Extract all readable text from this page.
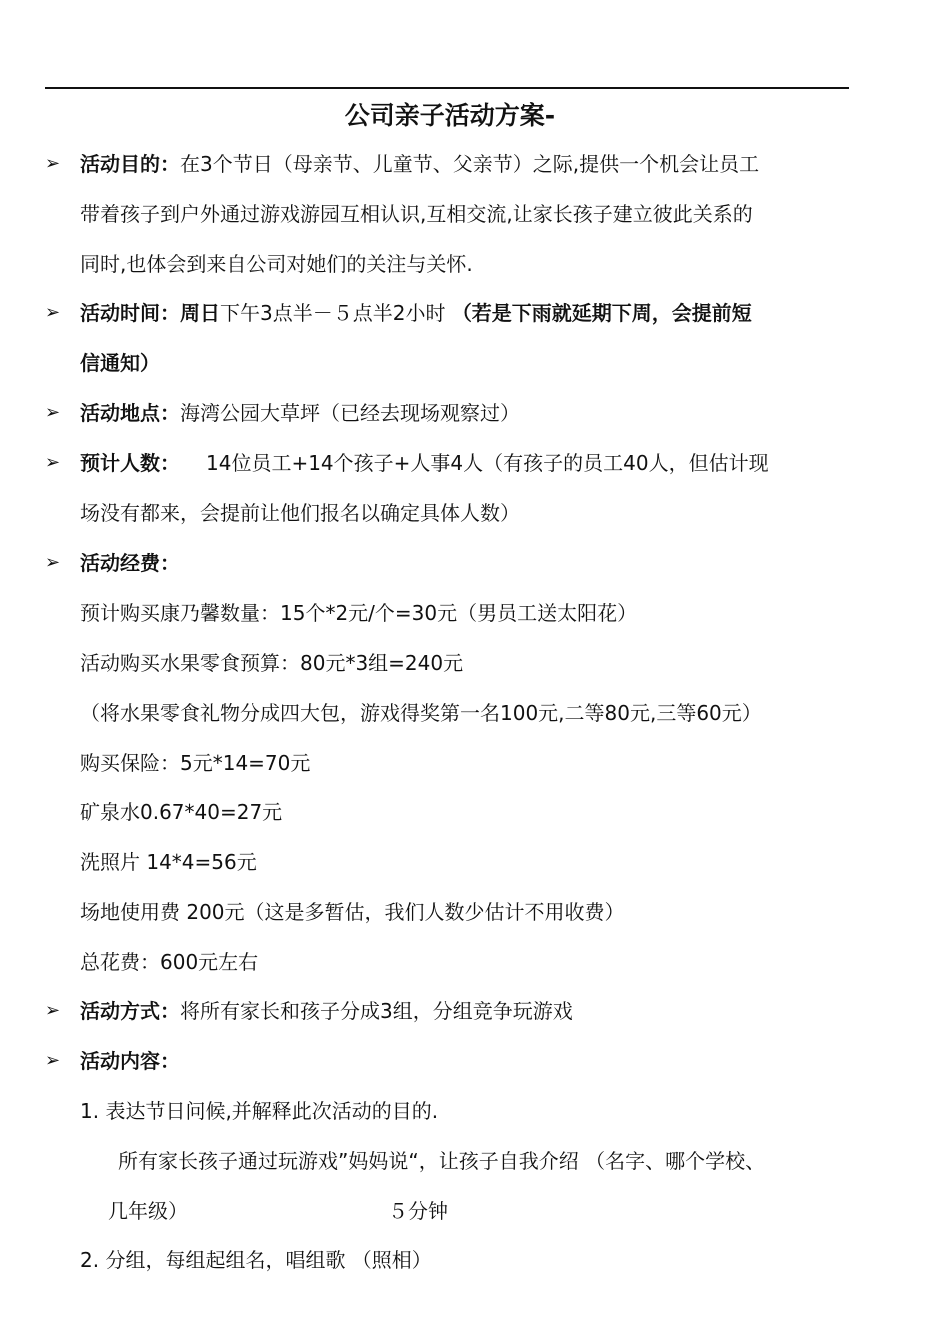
公司亲子活动方案-
➢ 活动目的：在3个节日（母亲节、儿童节、父亲节）之际,提供一个机会让员工
带着孩子到户外通过游戏游园互相认识,互相交流,让家长孩子建立彼此关系的
同时,也体会到来自公司对她们的关注与关怀.
➢ 活动时间：周日下午3点半－５点半2小时 （若是下雨就延期下周，会提前短
信通知）
➢ 活动地点：海湾公园大草坪（已经去现场观察过）
➢ 预计人数： 14位员工+14个孩子+人事4人（有孩子的员工40人，但估计现
场没有都来，会提前让他们报名以确定具体人数）
➢ 活动经费：
预计购买康乃馨数量：15个*2元/个=30元（男员工送太阳花）
活动购买水果零食预算：80元*3组=240元
（将水果零食礼物分成四大包，游戏得奖第一名100元,二等80元,三等60元）
购买保险：5元*14=70元
矿泉水0.67*40=27元
洗照片 14*4=56元
场地使用费 200元（这是多暂估，我们人数少估计不用收费）
总花费：600元左右
➢ 活动方式：将所有家长和孩子分成3组，分组竞争玩游戏
➢ 活动内容：
1. 表达节日问候,并解释此次活动的目的.
所有家长孩子通过玩游戏”妈妈说“，让孩子自我介绍 （名字、哪个学校、
几年级）	５分钟
2. 分组，每组起组名，唱组歌 （照相）
